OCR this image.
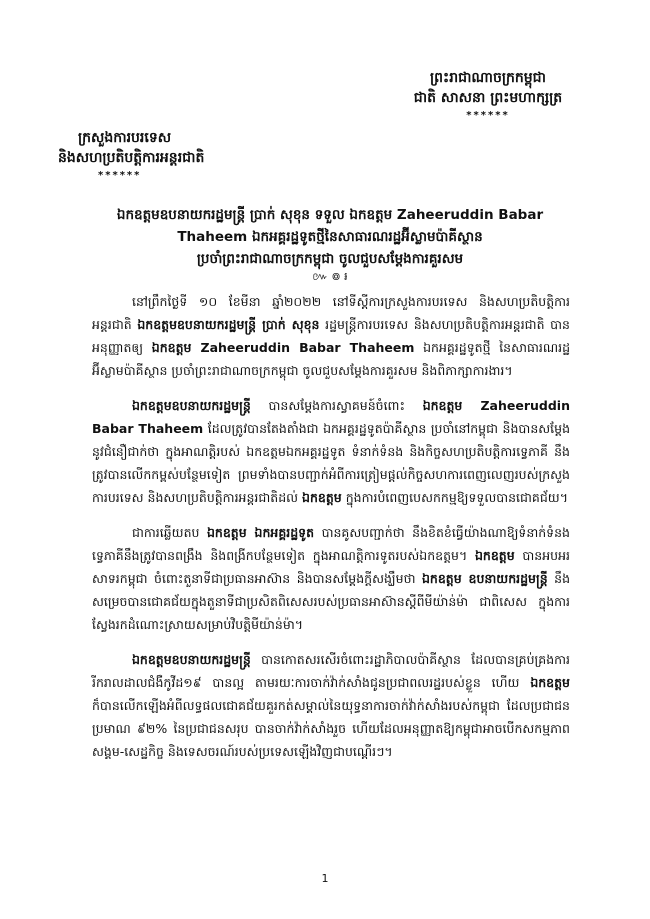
ព្រះរាជាណាចក្រកម្ពុជា
ជាតិ សាសនា ព្រះមហាក្សត្រ
******
ក្រសួងការបរទេស
និងសហប្រតិបត្តិការអន្តរជាតិ
******
ឯកឧត្តមឧបនាយករដ្ឋមន្ត្រី ប្រាក់ សុខុន ទទួល ឯកឧត្តម Zaheeruddin Babar
Thaheem ឯកអគ្គរដ្ឋទូតថ្មីនៃសាធារណរដ្ឋអ៊ីស្លាមប៉ាគីស្ថាន
ប្រចាំព្រះរាជាណាចក្រកម្ពុជា ចូលជួបសម្តែងការគួរសម
៚ ៙ ៛

នៅព្រឹកថ្ងៃទី ១០ ខែមីនា ឆ្នាំ២០២២ នៅទីស្តីការក្រសួងការបរទេស និងសហប្រតិបត្តិការអន្តរជាតិ ឯកឧត្តមឧបនាយករដ្ឋមន្ត្រី ប្រាក់ សុខុន រដ្ឋមន្ត្រីការបរទេស និងសហប្រតិបត្តិការអន្តរជាតិ បានអនុញ្ញាតឲ្យ ឯកឧត្តម Zaheeruddin Babar Thaheem ឯកអគ្គរដ្ឋទូតថ្មី នៃសាធារណរដ្ឋអ៊ីស្លាមប៉ាគីស្ថាន ប្រចាំព្រះរាជាណាចក្រកម្ពុជា ចូលជួបសម្តែងការគួរសម និងពិភាក្សាការងារ។

ឯកឧត្តមឧបនាយករដ្ឋមន្ត្រី បានសម្តែងការស្វាគមន៍ចំពោះ ឯកឧត្តម Zaheeruddin Babar Thaheem ដែលត្រូវបានតែងតាំងជា ឯកអគ្គរដ្ឋទូតប៉ាគីស្ថាន ប្រចាំនៅកម្ពុជា និងបានសម្តែងនូវជំនឿជាក់ថា ក្នុងអាណត្តិរបស់ ឯកឧត្តមឯកអគ្គរដ្ឋទូត ទំនាក់ទំនង និងកិច្ចសហប្រតិបត្តិការទ្វេភាគី នឹងត្រូវបានលើកកម្ពស់បន្ថែមទៀត ព្រមទាំងបានបញ្ជាក់អំពីការត្រៀមផ្តល់កិច្ចសហការពេញលេញរបស់ក្រសួងការបរទេស និងសហប្រតិបត្តិការអន្តរជាតិដល់ ឯកឧត្តម ក្នុងការបំពេញបេសកកម្មឱ្យទទួលបានជោគជ័យ។

ជាការឆ្លើយតប ឯកឧត្តម ឯកអគ្គរដ្ឋទូត បានគូសបញ្ជាក់ថា នឹងខិតខំធ្វើយ៉ាងណាឱ្យទំនាក់ទំនងទ្វេភាគីនឹងត្រូវបានពង្រឹង និងពង្រីកបន្ថែមទៀត ក្នុងអាណត្តិការទូតរបស់ឯកឧត្តម។ ឯកឧត្តម បានអបអរសាទរកម្ពុជា ចំពោះតួនាទីជាប្រធានអាស៊ាន និងបានសម្តែងក្តីសង្ឃឹមថា ឯកឧត្តម ឧបនាយករដ្ឋមន្ត្រី នឹងសម្រេចបានជោគជ័យក្នុងតួនាទីជាប្រសិតពិសេសរបស់ប្រធានអាស៊ានស្តីពីមីយ៉ាន់ម៉ា ជាពិសេស ក្នុងការស្វែងរកដំណោះស្រាយសម្រាប់វិបត្តិមីយ៉ាន់ម៉ា។

ឯកឧត្តមឧបនាយករដ្ឋមន្ត្រី បានកោតសរសើរចំពោះរដ្ឋាភិបាលប៉ាគីស្ថាន ដែលបានគ្រប់គ្រងការរីករាលដាលជំងឺកូវីដ១៩ បានល្អ តាមរយៈការចាក់វ៉ាក់សាំងជូនប្រជាពលរដ្ឋរបស់ខ្លួន ហើយ ឯកឧត្តម ក៏បានលើកឡើងអំពីលទ្ធផលជោគជ័យគួរកត់សម្គាល់នៃយុទ្ធនាការចាក់វ៉ាក់សាំងរបស់កម្ពុជា ដែលប្រជាជនប្រមាណ ៩២% នៃប្រជាជនសរុប បានចាក់វ៉ាក់សាំងរួច ហើយដែលអនុញ្ញាតឱ្យកម្ពុជាអាចបើកសកម្មភាពសង្គម-សេដ្ឋកិច្ច និងទេសចរណ៍របស់ប្រទេសឡើងវិញជាបណ្តើរៗ។

1
